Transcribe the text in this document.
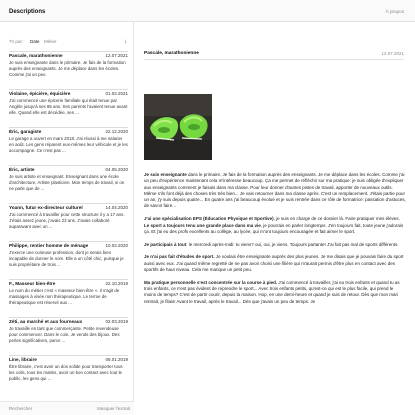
Descriptions	À propos
Tri par: Date Métier	↓
Pascale, marathonienne	12.07.2021
Je suis enseignante dans le primaire. Je fais de la formation auprès des enseignants. Je me déplace dans les écoles. Comme j'ai un peu
Violaine, épicière, équicière	01.02.2021
J'ai commencé une épicerie familiale qui était tenue par Angèle jusqu'à ses 85 ans. Ses parents l'avaient tenue avant elle. Quand elle est décédée, ses ...
Éric, garagiste	22.12.2020
Le garage a ouvert en mars 2018. J'ai réussi à me salarier en août. Les gens réparent eux-mêmes leur véhicule et je les accompagne. Ce n'est pas ...
Éric, artiste	04.05.2020
Je suis artiste et enseignant. Enseignant dans une école d'architecture. Artiste plasticien. Mon temps de travail, si on ne parle que de ...
Yoann, futur ex-directeur culturel	14.04.2020
J'ai commencé à travailler pour cette structure il y a 17 ans. J'étais assez jeune, j'avais 23 ans. J'avais collaboré auparavant avec un ...
Philippe, rentier homme de ménage	10.02.2020
J'exerce une curieuse profession, dont je serais bien incapable de donner le nom. Elle a un côté chic, puisque je suis propriétaire de trois ...
F., Masseur bien-être	22.10.2019
Le nom du métier c'est « masseur bien-être ». Il s'agit de massages à visée non thérapeutique. Le terme de thérapeutique est réservé aux ...
Zéti, au marché et aux fourneaux	02.03.2019
Je travaille en tant que commerçante. Petite revendeuse pour commencer. Dans le coin. Je vends des bijoux. Des perles significatives, parce ...
Line, libraire	06.01.2019
Être libraire, c'est avoir un dos solide pour transporter tous les colis, tous les matins, avoir un bon contact avec tout le public, les gens qui ...
Rechercher	Masquer l'extrait
Pascale, marathonienne	12.07.2021

Je suis enseignante dans le primaire. Je fais de la formation auprès des enseignants. Je me déplace dans les écoles. Comme j'ai un peu d'expérience maintenant cela m'intéresse beaucoup. Ça me permet de réfléchir sur ma pratique: je suis obligée d'expliquer aux enseignants comment je faisais dans ma classe. Pour leur donner d'autres pistes de travail, apporter de nouveaux outils. Même s'ils font déjà des choses très très bien... Je vais retourner dans ma classe après. C'est un remplacement. J'étais partie pour un an, j'y suis depuis quatre... En quatre ans j'ai beaucoup évolué et je suis rentrée dans ce rôle de formatrice: passation d'astuces, de savoir faire...

J'ai une spécialisation EPS (Éducation Physique et Sportive), je suis en charge de ce dossier là. Faire pratiquer mes élèves. Le sport a toujours tenu une grande place dans ma vie, je pourrais en parler longtemps. J'en toujours fait, toute jeune j'adorais ça. Et j'ai eu des profs excellents au collège, au lycée, qui m'ont toujours encouragée et fait aimer le sport.

Je participais à tout: le mercredi après-midi: tu viens? oui, oui, je viens. Toujours partante! J'ai fait pas mal de sports différents.

Je n'ai pas fait d'études de sport. Je voulais être enseignante auprès des plus jeunes. Je me disais que je pouvais faire du sport aussi avec eux. J'ai quand même regretté de ne pas avoir choisi une filière qui m'aurait permis d'être plus en contact avec des sportifs de haut niveau. Cela me manque un petit peu.

Ma pratique personnelle s'est concentrée sur la course à pied. J'ai commencé à travailler, j'ai eu trois enfants et quand tu as trois enfants, ce n'est pas évident de reprendre le sport... Avec trois enfants petits, qu'est-ce qui est le plus facile, qui prend le moins de temps? C'est de partir courir, depuis la maison. Hop, en une demi-heure et quand je suis de retour. Dès que mon mari rentrait, je filais! Avant le travail, après le travail... Dès que j'avais un peu de temps. Je
